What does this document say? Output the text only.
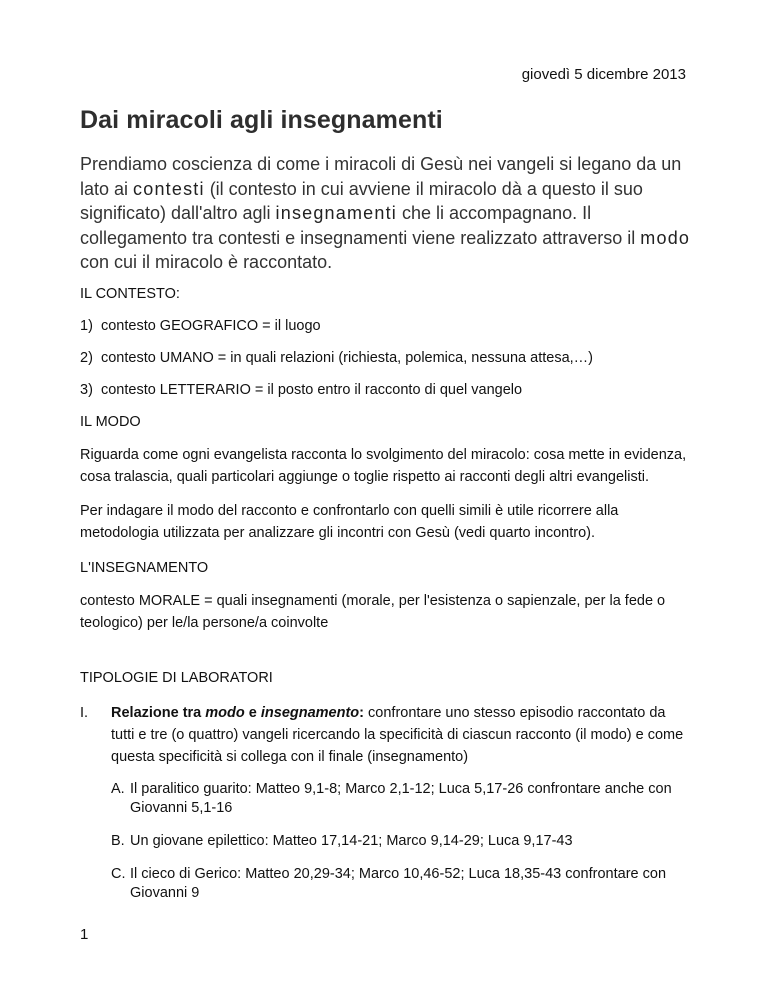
giovedì 5 dicembre 2013
Dai miracoli agli insegnamenti

Prendiamo coscienza di come i miracoli di Gesù nei vangeli si legano da un lato ai contesti (il contesto in cui avviene il miracolo dà a questo il suo significato) dall'altro agli insegnamenti che li accompagnano. Il collegamento tra contesti e insegnamenti viene realizzato attraverso il modo con cui il miracolo è raccontato.

IL CONTESTO:

1) contesto GEOGRAFICO = il luogo

2) contesto UMANO = in quali relazioni (richiesta, polemica, nessuna attesa,…)

3) contesto LETTERARIO = il posto entro il racconto di quel vangelo

IL MODO

Riguarda come ogni evangelista racconta lo svolgimento del miracolo: cosa mette in evidenza, cosa tralascia, quali particolari aggiunge o toglie rispetto ai racconti degli altri evangelisti.

Per indagare il modo del racconto e confrontarlo con quelli simili è utile ricorrere alla metodologia utilizzata per analizzare gli incontri con Gesù (vedi quarto incontro).

L'INSEGNAMENTO

contesto MORALE = quali insegnamenti (morale, per l'esistenza o sapienzale, per la fede o teologico) per le/la persone/a coinvolte

TIPOLOGIE DI LABORATORI

I. Relazione tra modo e insegnamento: confrontare uno stesso episodio raccontato da tutti e tre (o quattro) vangeli ricercando la specificità di ciascun racconto (il modo) e come questa specificità si collega con il finale (insegnamento)

A. Il paralitico guarito: Matteo 9,1-8; Marco 2,1-12; Luca 5,17-26 confrontare anche con Giovanni 5,1-16

B. Un giovane epilettico: Matteo 17,14-21; Marco 9,14-29; Luca 9,17-43

C. Il cieco di Gerico: Matteo 20,29-34; Marco 10,46-52; Luca 18,35-43 confrontare con Giovanni 9

1
